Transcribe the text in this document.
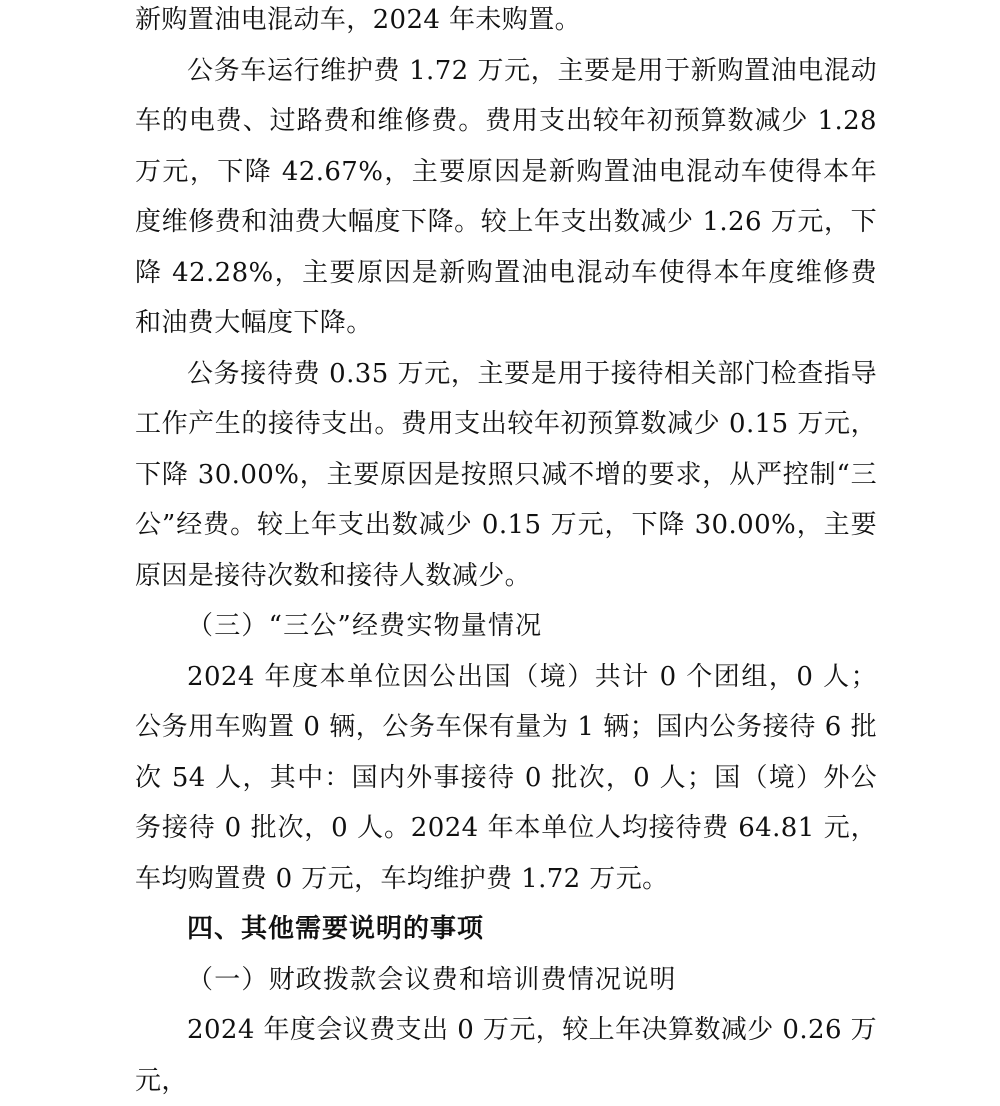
新购置油电混动车，2024 年未购置。

公务车运行维护费 1.72 万元，主要是用于新购置油电混动车的电费、过路费和维修费。费用支出较年初预算数减少 1.28 万元，下降 42.67%，主要原因是新购置油电混动车使得本年度维修费和油费大幅度下降。较上年支出数减少 1.26 万元，下降 42.28%，主要原因是新购置油电混动车使得本年度维修费和油费大幅度下降。

公务接待费 0.35 万元，主要是用于接待相关部门检查指导工作产生的接待支出。费用支出较年初预算数减少 0.15 万元，下降 30.00%，主要原因是按照只减不增的要求，从严控制“三公”经费。较上年支出数减少 0.15 万元，下降 30.00%，主要原因是接待次数和接待人数减少。

（三）“三公”经费实物量情况

2024 年度本单位因公出国（境）共计 0 个团组，0 人；公务用车购置 0 辆，公务车保有量为 1 辆；国内公务接待 6 批次 54 人，其中：国内外事接待 0 批次，0 人；国（境）外公务接待 0 批次，0 人。2024 年本单位人均接待费 64.81 元，车均购置费 0 万元，车均维护费 1.72 万元。

四、其他需要说明的事项

（一）财政拨款会议费和培训费情况说明

2024 年度会议费支出 0 万元，较上年决算数减少 0.26 万元，
